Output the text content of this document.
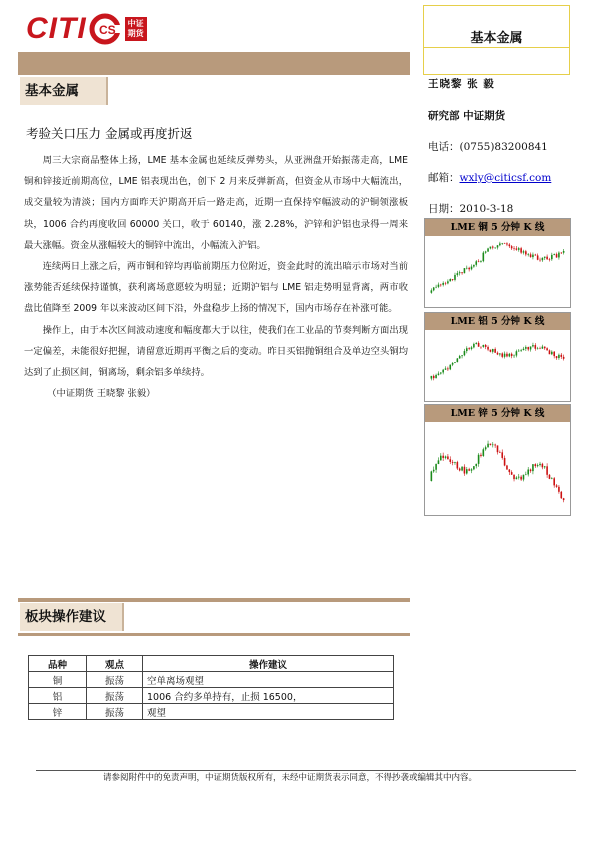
CITI CS	中证
期货	基本金属
基本金属
考验关口压力 金属或再度折返

周三大宗商品整体上扬，LME 基本金属也延续反弹势头，从亚洲盘开始振荡走高，LME 铜和锌接近前期高位，LME 铝表现出色，创下 2 月来反弹新高，但资金从市场中大幅流出，成交量较为清淡；国内方面昨天沪期高开后一路走高，近期一直保持窄幅波动的沪铜领涨板块，1006 合约再度收回 60000 关口，收于 60140，涨 2.28%，沪锌和沪铝也录得一周来最大涨幅。资金从涨幅较大的铜锌中流出，小幅流入沪铝。

连续两日上涨之后，两市铜和锌均再临前期压力位附近，资金此时的流出暗示市场对当前涨势能否延续保持谨慎，获利离场意愿较为明显；近期沪铝与 LME 铝走势明显背离，两市收盘比值降至 2009 年以来波动区间下沿，外盘稳步上扬的情况下，国内市场存在补涨可能。

操作上，由于本次区间波动速度和幅度都大于以往，使我们在工业品的节奏判断方面出现一定偏差，未能很好把握，请留意近期再平衡之后的变动。昨日买铝抛铜组合及单边空头铜均达到了止损区间，铜离场，剩余铝多单续持。

（中证期货 王晓黎 张毅）

王晓黎 张 毅
研究部 中证期货
电话：(0755)83200841
邮箱：wxly@citicsf.com
日期：2010-3-18
LME 铜 5 分钟 K 线
LME 铝 5 分钟 K 线
LME 锌 5 分钟 K 线
板块操作建议
品种	观点	操作建议
铜	振荡	空单离场观望
铝	振荡	1006 合约多单持有，止损 16500，
锌	振荡	观望
请参阅附件中的免责声明，中证期货版权所有，未经中证期货表示同意，不得抄袭或编辑其中内容。
